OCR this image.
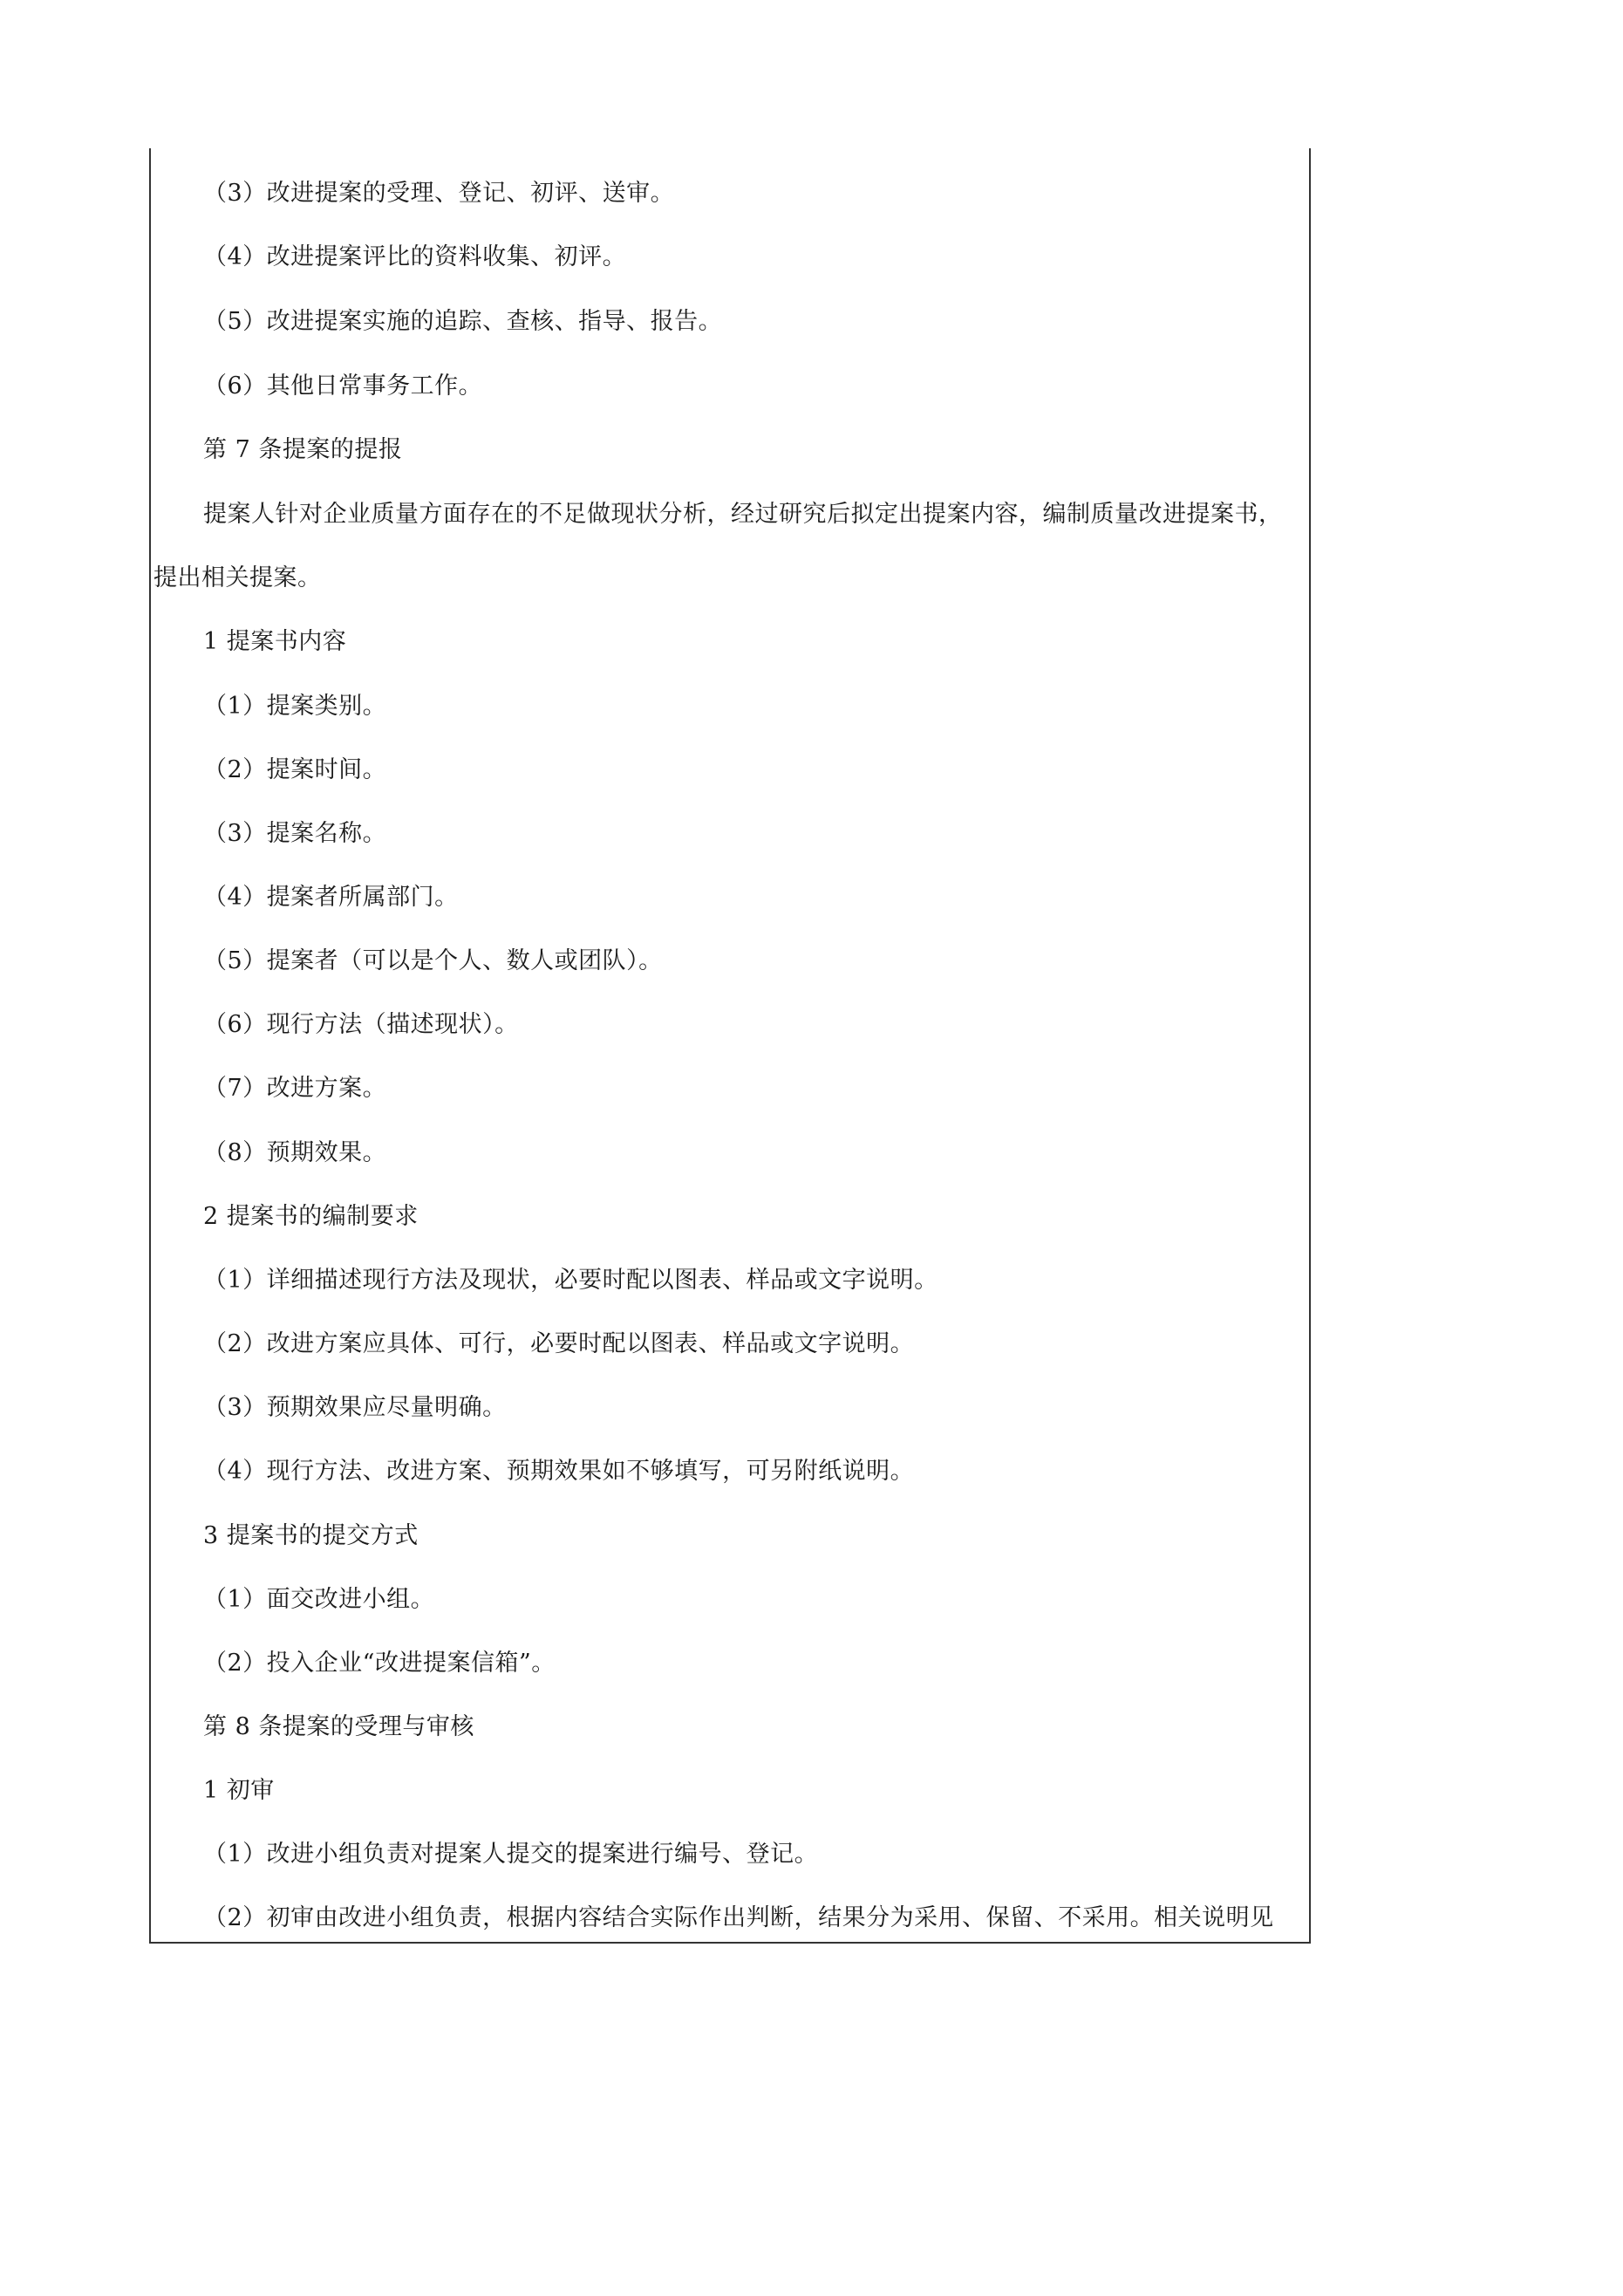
（3）改进提案的受理、登记、初评、送审。
（4）改进提案评比的资料收集、初评。
（5）改进提案实施的追踪、查核、指导、报告。
（6）其他日常事务工作。
第 7 条提案的提报
提案人针对企业质量方面存在的不足做现状分析，经过研究后拟定出提案内容，编制质量改进提案书，
提出相关提案。
1 提案书内容
（1）提案类别。
（2）提案时间。
（3）提案名称。
（4）提案者所属部门。
（5）提案者（可以是个人、数人或团队）。
（6）现行方法（描述现状）。
（7）改进方案。
（8）预期效果。
2 提案书的编制要求
（1）详细描述现行方法及现状，必要时配以图表、样品或文字说明。
（2）改进方案应具体、可行，必要时配以图表、样品或文字说明。
（3）预期效果应尽量明确。
（4）现行方法、改进方案、预期效果如不够填写，可另附纸说明。
3 提案书的提交方式
（1）面交改进小组。
（2）投入企业“改进提案信箱”。
第 8 条提案的受理与审核
1 初审
（1）改进小组负责对提案人提交的提案进行编号、登记。
（2）初审由改进小组负责，根据内容结合实际作出判断，结果分为采用、保留、不采用。相关说明见
